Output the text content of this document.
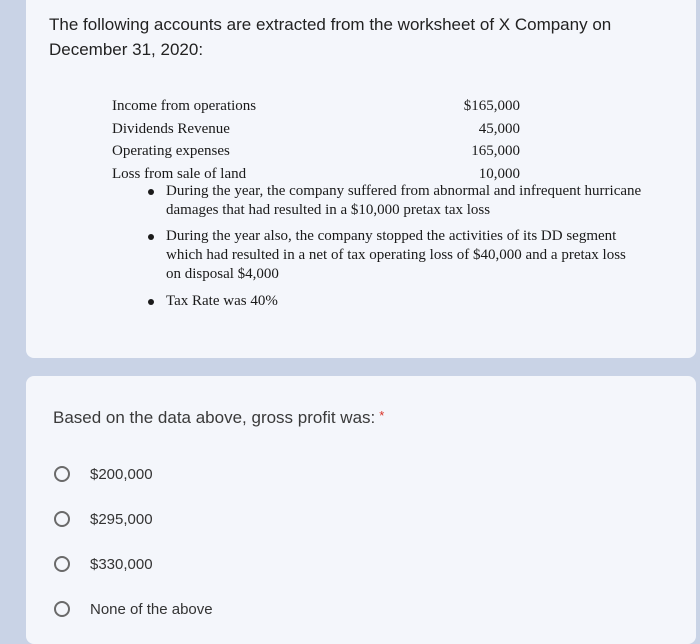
The following accounts are extracted from the worksheet of X Company on
December 31, 2020:
Income from operations	$165,000
Dividends Revenue	45,000
Operating expenses	165,000
Loss from sale of land	10,000
During the year, the company suffered from abnormal and infrequent hurricane damages that had resulted in a $10,000 pretax tax loss
During the year also, the company stopped the activities of its DD segment which had resulted in a net of tax operating loss of $40,000 and a pretax loss on disposal $4,000
Tax Rate was 40%
Based on the data above, gross profit was: *
$200,000
$295,000
$330,000
None of the above
